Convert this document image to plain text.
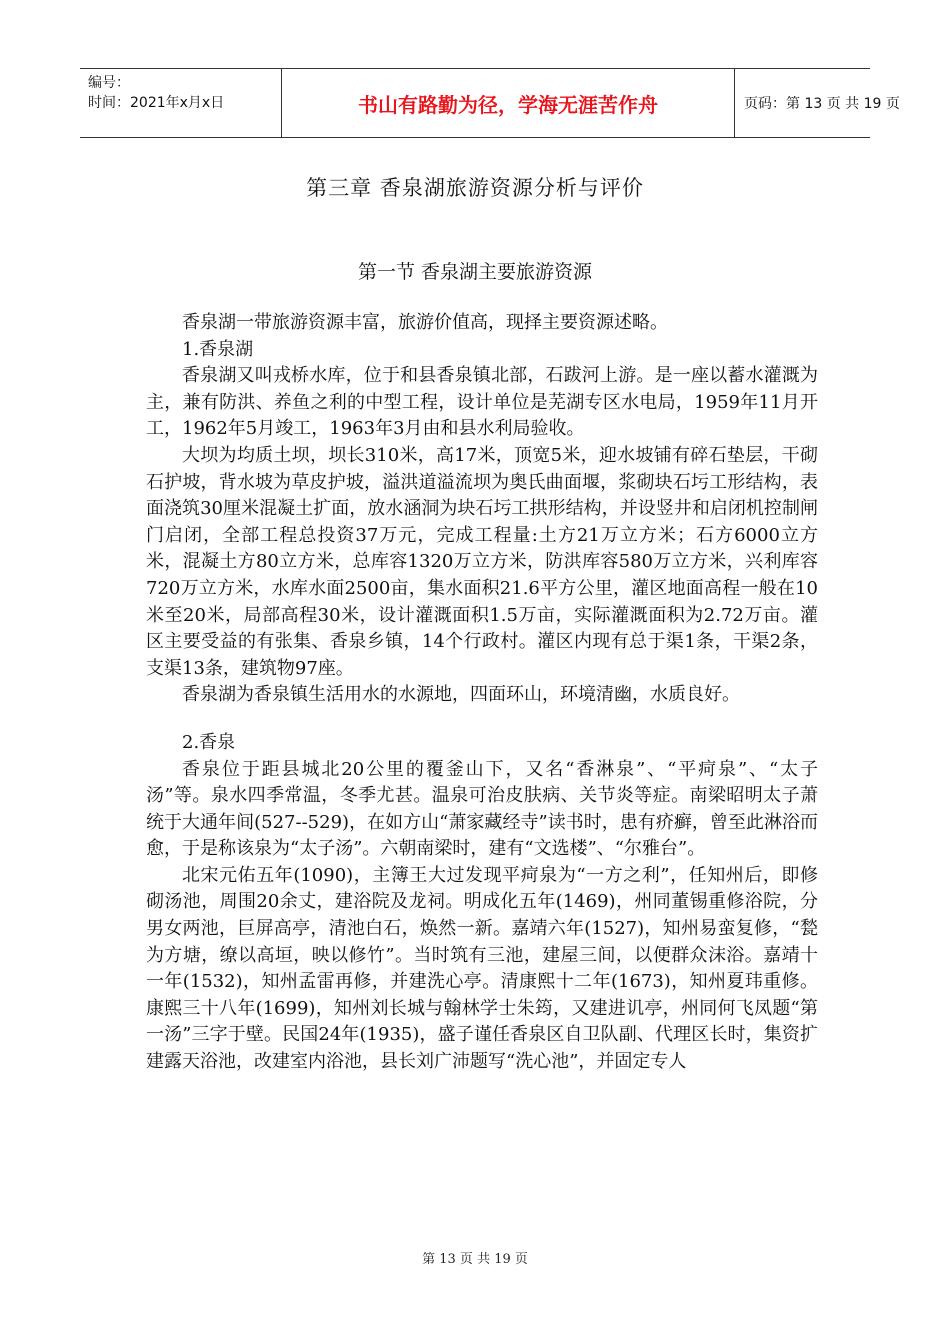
编号：
时间：2021年x月x日	书山有路勤为径，学海无涯苦作舟	页码：第 13 页 共 19 页
第三章 香泉湖旅游资源分析与评价
第一节 香泉湖主要旅游资源

香泉湖一带旅游资源丰富，旅游价值高，现择主要资源述略。

1.香泉湖

香泉湖又叫戎桥水库，位于和县香泉镇北部，石跋河上游。是一座以蓄水灌溉为主，兼有防洪、养鱼之利的中型工程，设计单位是芜湖专区水电局，1959年11月开工，1962年5月竣工，1963年3月由和县水利局验收。

大坝为均质土坝，坝长310米，高17米，顶宽5米，迎水坡铺有碎石垫层，干砌石护坡，背水坡为草皮护坡，溢洪道溢流坝为奥氏曲面堰，浆砌块石圬工形结构，表面浇筑30厘米混凝土扩面，放水涵洞为块石圬工拱形结构，并设竖井和启闭机控制闸门启闭，全部工程总投资37万元，完成工程量:土方21万立方米；石方6000立方米，混凝土方80立方米，总库容1320万立方米，防洪库容580万立方米，兴利库容720万立方米，水库水面2500亩，集水面积21.6平方公里，灌区地面高程一般在10米至20米，局部高程30米，设计灌溉面积1.5万亩，实际灌溉面积为2.72万亩。灌区主要受益的有张集、香泉乡镇，14个行政村。灌区内现有总于渠1条，干渠2条，支渠13条，建筑物97座。

香泉湖为香泉镇生活用水的水源地，四面环山，环境清幽，水质良好。

2.香泉

香泉位于距县城北20公里的覆釜山下，又名“香淋泉”、“平疴泉”、“太子汤”等。泉水四季常温，冬季尤甚。温泉可治皮肤病、关节炎等症。南梁昭明太子萧统于大通年间(527--529)，在如方山“萧家藏经寺”读书时，患有疥癣，曾至此淋浴而愈，于是称该泉为“太子汤”。六朝南梁时，建有“文选楼”、“尔雅台”。

北宋元佑五年(1090)，主簿王大过发现平疴泉为“一方之利”，任知州后，即修砌汤池，周围20余丈，建浴院及龙祠。明成化五年(1469)，州同董锡重修浴院，分男女两池，巨屏高亭，清池白石，焕然一新。嘉靖六年(1527)，知州易蛮复修，“甃为方塘，缭以高垣，映以修竹”。当时筑有三池，建屋三间，以便群众沫浴。嘉靖十一年(1532)，知州孟雷再修，并建洗心亭。清康熙十二年(1673)，知州夏玮重修。康熙三十八年(1699)，知州刘长城与翰林学士朱筠，又建进讥亭，州同何飞凤题“第一汤”三字于壁。民国24年(1935)，盛子谨任香泉区自卫队副、代理区长时，集资扩建露天浴池，改建室内浴池，县长刘广沛题写“洗心池”，并固定专人

第 13 页 共 19 页
